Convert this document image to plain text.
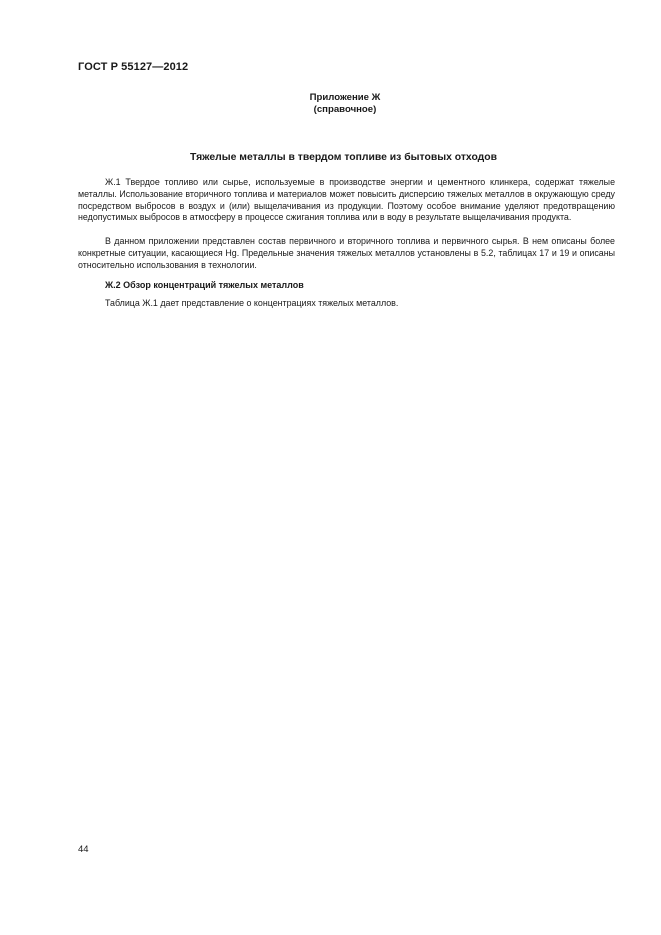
ГОСТ Р 55127—2012
Приложение Ж
(справочное)
Тяжелые металлы в твердом топливе из бытовых отходов
Ж.1 Твердое топливо или сырье, используемые в производстве энергии и цементного клинкера, содержат тяжелые металлы. Использование вторичного топлива и материалов может повысить дисперсию тяжелых металлов в окружающую среду посредством выбросов в воздух и (или) выщелачивания из продукции. Поэтому особое внимание уделяют предотвращению недопустимых выбросов в атмосферу в процессе сжигания топлива или в воду в результате выщелачивания продукта.
В данном приложении представлен состав первичного и вторичного топлива и первичного сырья. В нем описаны более конкретные ситуации, касающиеся Hg. Предельные значения тяжелых металлов установлены в 5.2, таблицах 17 и 19 и описаны относительно использования в технологии.
Ж.2 Обзор концентраций тяжелых металлов
Таблица Ж.1 дает представление о концентрациях тяжелых металлов.
44
